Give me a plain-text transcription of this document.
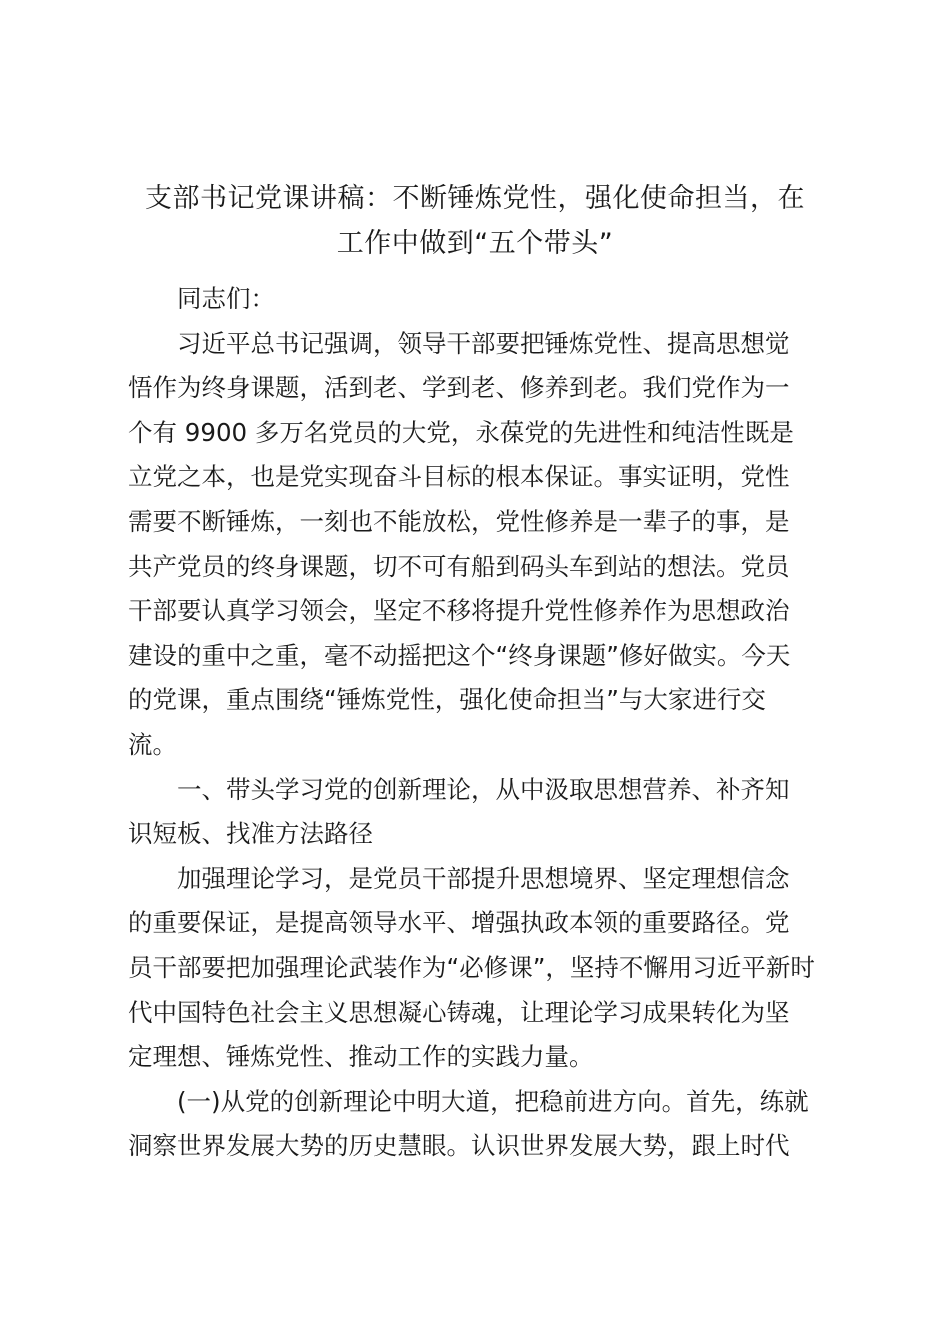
支部书记党课讲稿：不断锤炼党性，强化使命担当，在
工作中做到“五个带头”

同志们：

习近平总书记强调，领导干部要把锤炼党性、提高思想觉
悟作为终身课题，活到老、学到老、修养到老。我们党作为一
个有 9900 多万名党员的大党，永葆党的先进性和纯洁性既是
立党之本，也是党实现奋斗目标的根本保证。事实证明，党性
需要不断锤炼，一刻也不能放松，党性修养是一辈子的事，是
共产党员的终身课题，切不可有船到码头车到站的想法。党员
干部要认真学习领会，坚定不移将提升党性修养作为思想政治
建设的重中之重，毫不动摇把这个“终身课题”修好做实。今天
的党课，重点围绕“锤炼党性，强化使命担当”与大家进行交
流。

一、带头学习党的创新理论，从中汲取思想营养、补齐知
识短板、找准方法路径

加强理论学习，是党员干部提升思想境界、坚定理想信念
的重要保证，是提高领导水平、增强执政本领的重要路径。党
员干部要把加强理论武装作为“必修课”，坚持不懈用习近平新时
代中国特色社会主义思想凝心铸魂，让理论学习成果转化为坚
定理想、锤炼党性、推动工作的实践力量。

(一)从党的创新理论中明大道，把稳前进方向。首先，练就
洞察世界发展大势的历史慧眼。认识世界发展大势，跟上时代
